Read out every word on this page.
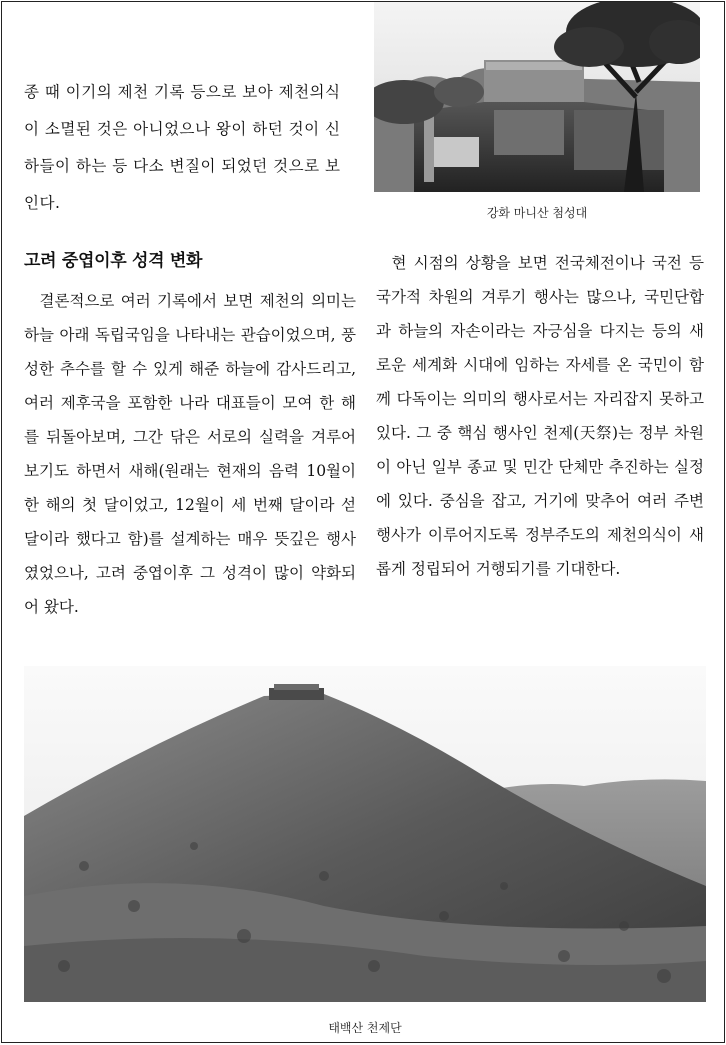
종 때 이기의 제천 기록 등으로 보아 제천의식이 소멸된 것은 아니었으나 왕이 하던 것이 신하들이 하는 등 다소 변질이 되었던 것으로 보인다.

강화 마니산 첨성대
고려 중엽이후 성격 변화

결론적으로 여러 기록에서 보면 제천의 의미는 하늘 아래 독립국임을 나타내는 관습이었으며, 풍성한 추수를 할 수 있게 해준 하늘에 감사드리고, 여러 제후국을 포함한 나라 대표들이 모여 한 해를 뒤돌아보며, 그간 닦은 서로의 실력을 겨루어 보기도 하면서 새해(원래는 현재의 음력 10월이 한 해의 첫 달이었고, 12월이 세 번째 달이라 섣달이라 했다고 함)를 설계하는 매우 뜻깊은 행사였었으나, 고려 중엽이후 그 성격이 많이 약화되어 왔다.

현 시점의 상황을 보면 전국체전이나 국전 등 국가적 차원의 겨루기 행사는 많으나, 국민단합과 하늘의 자손이라는 자긍심을 다지는 등의 새로운 세계화 시대에 임하는 자세를 온 국민이 함께 다독이는 의미의 행사로서는 자리잡지 못하고 있다. 그 중 핵심 행사인 천제(天祭)는 정부 차원이 아닌 일부 종교 및 민간 단체만 추진하는 실정에 있다. 중심을 잡고, 거기에 맞추어 여러 주변행사가 이루어지도록 정부주도의 제천의식이 새롭게 정립되어 거행되기를 기대한다.

태백산 천제단
